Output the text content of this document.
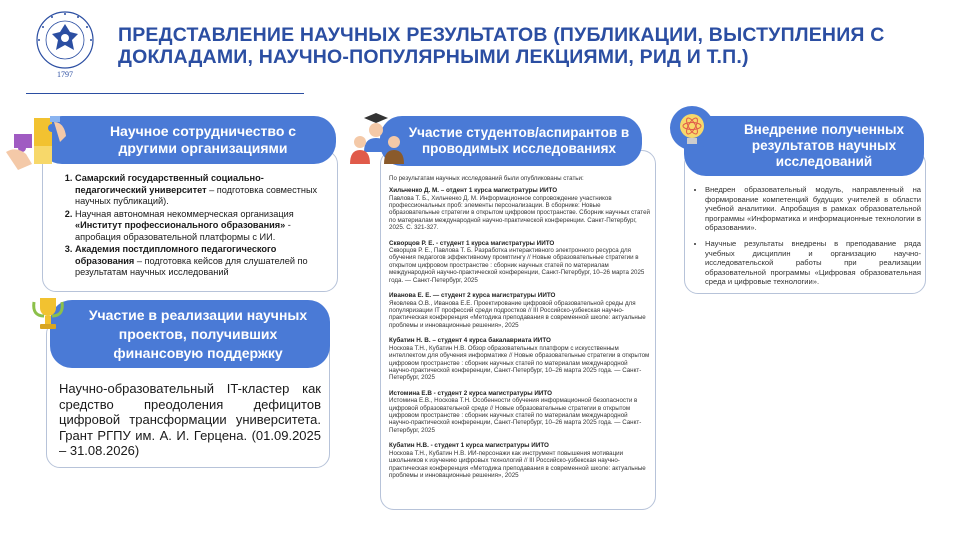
1797
ПРЕДСТАВЛЕНИЕ НАУЧНЫХ РЕЗУЛЬТАТОВ (ПУБЛИКАЦИИ, ВЫСТУПЛЕНИЯ С ДОКЛАДАМИ, НАУЧНО-ПОПУЛЯРНЫМИ ЛЕКЦИЯМИ, РИД И Т.П.)
1. Самарский государственный социально-педагогический университет – подготовка совместных научных публикаций).
2. Научная автономная некоммерческая организация «Институт профессионального образования» - апробация образовательной платформы с ИИ.
3. Академия постдипломного педагогического образования – подготовка кейсов для слушателей по результатам научных исследований
Научное сотрудничество с другими организациями
Научно-образовательный IT-кластер как средство преодоления дефицитов цифровой трансформации университета. Грант РГПУ им. А. И. Герцена. (01.09.2025 – 31.08.2026)
Участие в реализации научных проектов, получивших финансовую поддержку
По результатам научных исследований были опубликованы статьи:
Хильченко Д. М. – отдент 1 курса магистратуры ИИТО
Павлова Т. Б., Хильченко Д. М. Информационное сопровождение участников профессиональных проб: элементы персонализации. В сборнике: Новые образовательные стратегии в открытом цифровом пространстве. Сборник научных статей по материалам международной научно-практической конференции. Санкт-Петербург, 2025. С. 321-327.
Скворцов Р. Е. - студент 1 курса магистратуры ИИТО
Скворцов Р. Е., Павлова Т. Б. Разработка интерактивного электронного ресурса для обучения педагогов эффективному промптингу // Новые образовательные стратегии в открытом цифровом пространстве : сборник научных статей по материалам международной научно-практической конференции, Санкт-Петербург, 10–26 марта 2025 года. — Санкт-Петербург, 2025
Иванова Е. Е. — студент 2 курса магистратуры ИИТО
Яковлева О.В., Иванова Е.Е. Проектирование цифровой образовательной среды для популяризации IT профессий среди подростков // III Российско-узбекская научно-практическая конференция «Методика преподавания в современной школе: актуальные проблемы и инновационные решения», 2025
Кубатин Н. В. – студент 4 курса бакалавриата ИИТО
Носкова Т.Н., Кубатин Н.В. Обзор образовательных платформ с искусственным интеллектом для обучения информатике // Новые образовательные стратегии в открытом цифровом пространстве : сборник научных статей по материалам международной научно-практической конференции, Санкт-Петербург, 10–26 марта 2025 года. — Санкт-Петербург, 2025
Истомина Е.В - студент 2 курса магистратуры ИИТО
Истомина Е.В., Носкова Т.Н. Особенности обучения информационной безопасности в цифровой образовательной среде // Новые образовательные стратегии в открытом цифровом пространстве : сборник научных статей по материалам международной научно-практической конференции, Санкт-Петербург, 10–26 марта 2025 года. — Санкт-Петербург, 2025
Кубатин Н.В. - студент 1 курса магистратуры ИИТО
Носкова Т.Н., Кубатин Н.В. ИИ-персонажи как инструмент повышения мотивации школьников к изучению цифровых технологий // III Российско-узбекская научно-практическая конференция «Методика преподавания в современной школе: актуальные проблемы и инновационные решения», 2025
Участие студентов/аспирантов в проводимых исследованиях
• Внедрен образовательный модуль, направленный на формирование компетенций будущих учителей в области учебной аналитики. Апробация в рамках образовательной программы «Информатика и информационные технологии в образовании».
• Научные результаты внедрены в преподавание ряда учебных дисциплин и организацию научно-исследовательской работы при реализации образовательной программы «Цифровая образовательная среда и цифровые технологии».
Внедрение полученных результатов научных исследований
